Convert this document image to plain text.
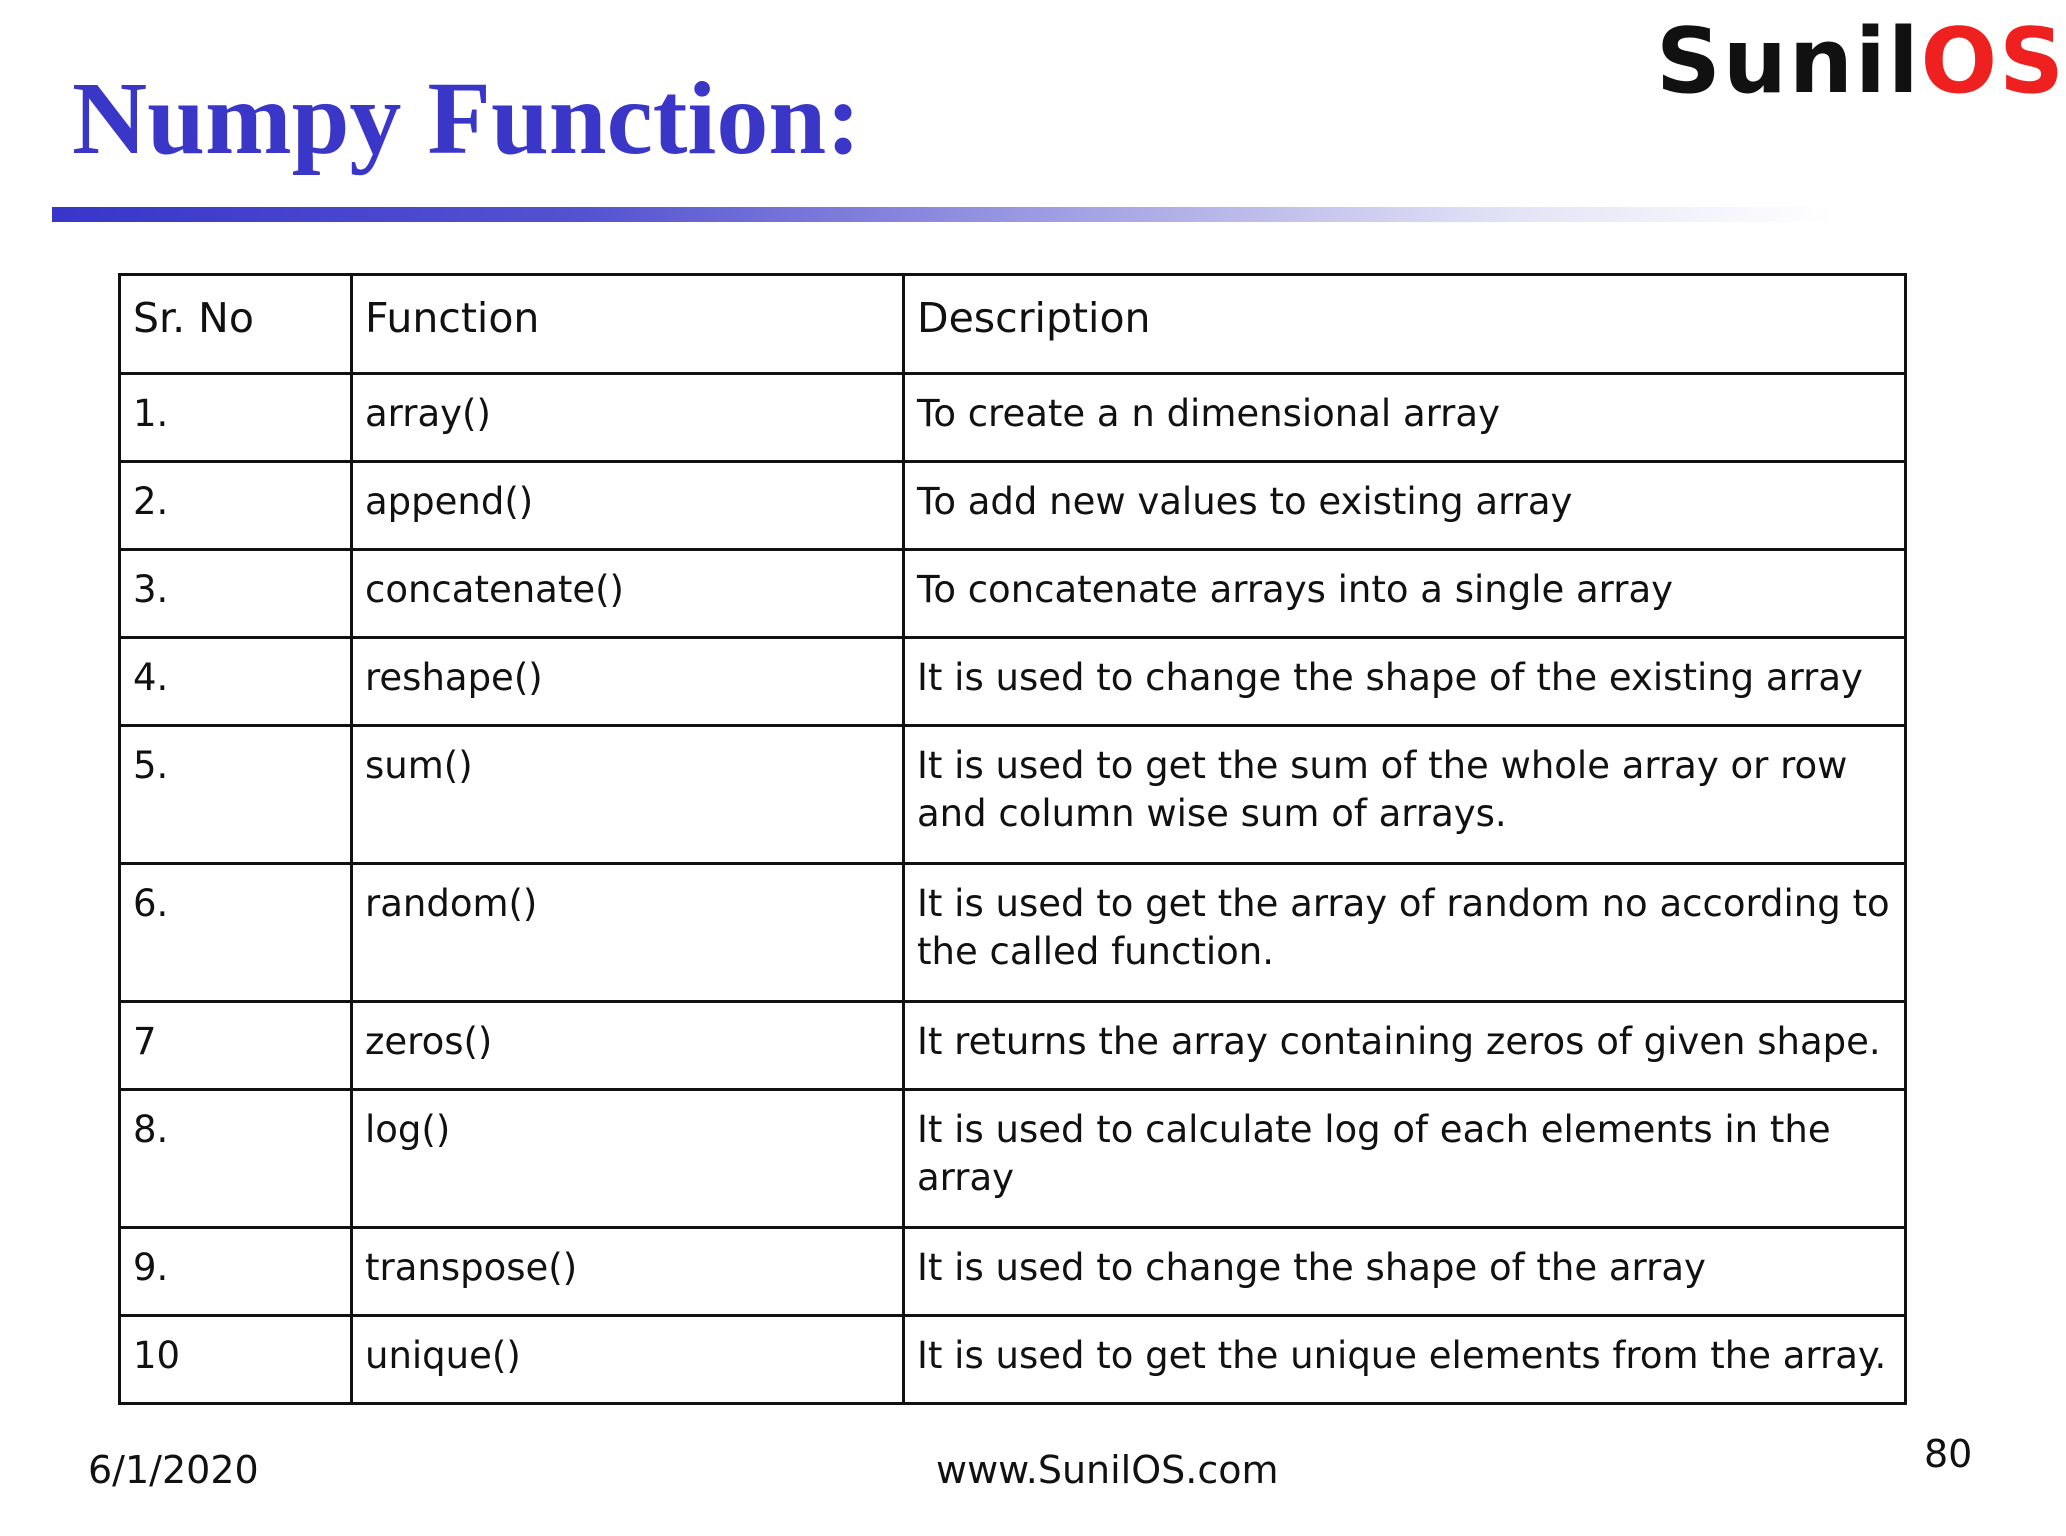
Numpy Function:	SunilOS
Sr. No	Function	Description
1.	array()	To create a n dimensional array

2.	append()	To add new values to existing array

3.	concatenate()	To concatenate arrays into a single array

4.	reshape()	It is used to change the shape of the existing array

5.	sum()	It is used to get the sum of the whole array or row
and column wise sum of arrays.

6.	random()	It is used to get the array of random no according to
the called function.

7	zeros()	It returns the array containing zeros of given shape.

8.	log()	It is used to calculate log of each elements in the
array

9.	transpose()	It is used to change the shape of the array

10	unique()	It is used to get the unique elements from the array.
6/1/2020	www.SunilOS.com	80
